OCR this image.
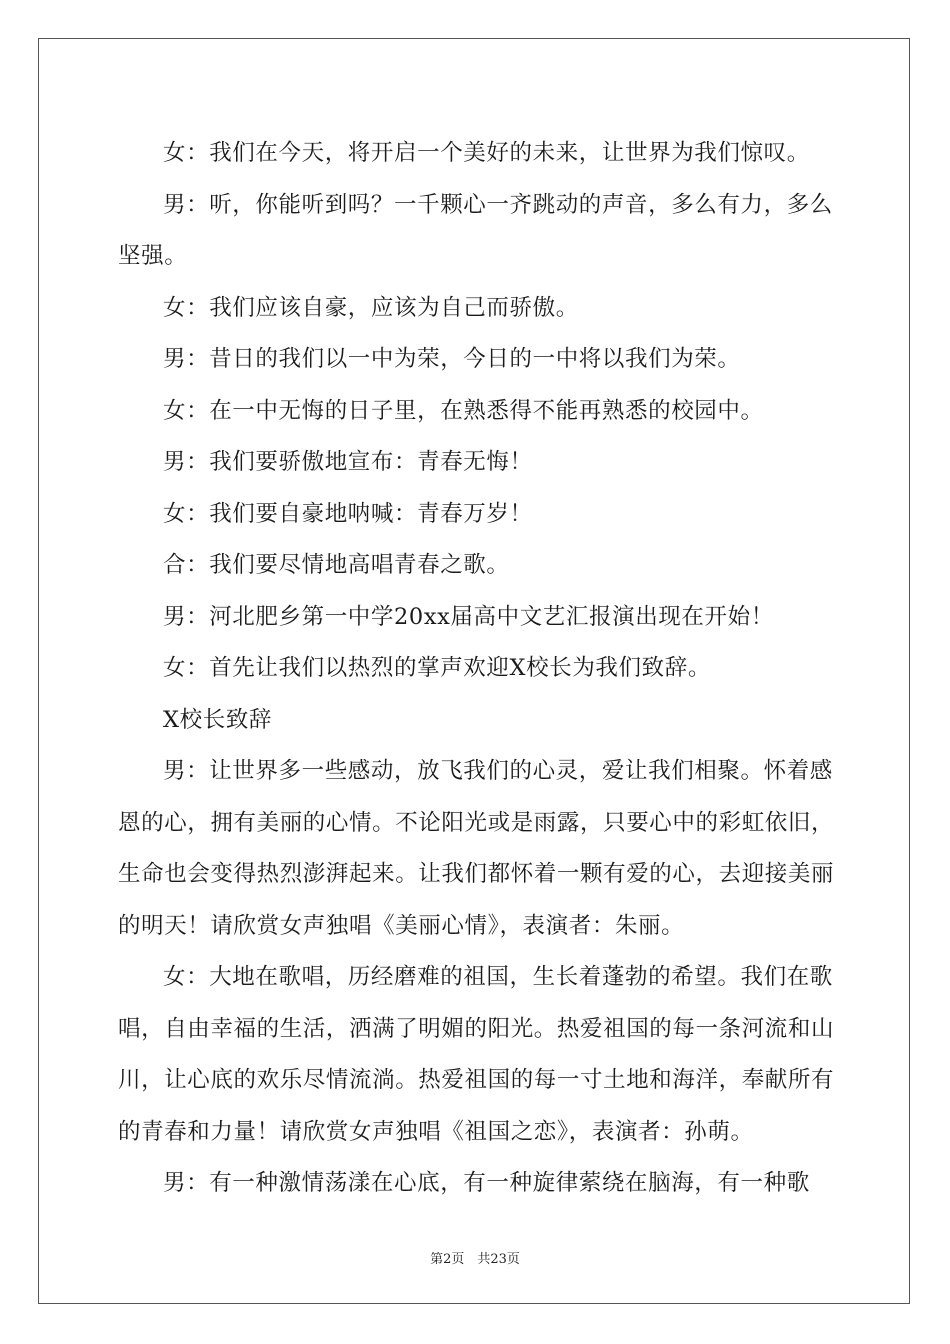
女：我们在今天，将开启一个美好的未来，让世界为我们惊叹。

男：听，你能听到吗？一千颗心一齐跳动的声音，多么有力，多么坚强。

女：我们应该自豪，应该为自己而骄傲。

男：昔日的我们以一中为荣，今日的一中将以我们为荣。

女：在一中无悔的日子里，在熟悉得不能再熟悉的校园中。

男：我们要骄傲地宣布：青春无悔！

女：我们要自豪地呐喊：青春万岁！

合：我们要尽情地高唱青春之歌。

男：河北肥乡第一中学20xx届高中文艺汇报演出现在开始！

女：首先让我们以热烈的掌声欢迎X校长为我们致辞。

X校长致辞

男：让世界多一些感动，放飞我们的心灵，爱让我们相聚。怀着感恩的心，拥有美丽的心情。不论阳光或是雨露，只要心中的彩虹依旧，生命也会变得热烈澎湃起来。让我们都怀着一颗有爱的心，去迎接美丽的明天！请欣赏女声独唱《美丽心情》，表演者：朱丽。

女：大地在歌唱，历经磨难的祖国，生长着蓬勃的希望。我们在歌唱，自由幸福的生活，洒满了明媚的阳光。热爱祖国的每一条河流和山川，让心底的欢乐尽情流淌。热爱祖国的每一寸土地和海洋，奉献所有的青春和力量！请欣赏女声独唱《祖国之恋》，表演者：孙萌。

男：有一种激情荡漾在心底，有一种旋律萦绕在脑海，有一种歌

第2页　共23页
